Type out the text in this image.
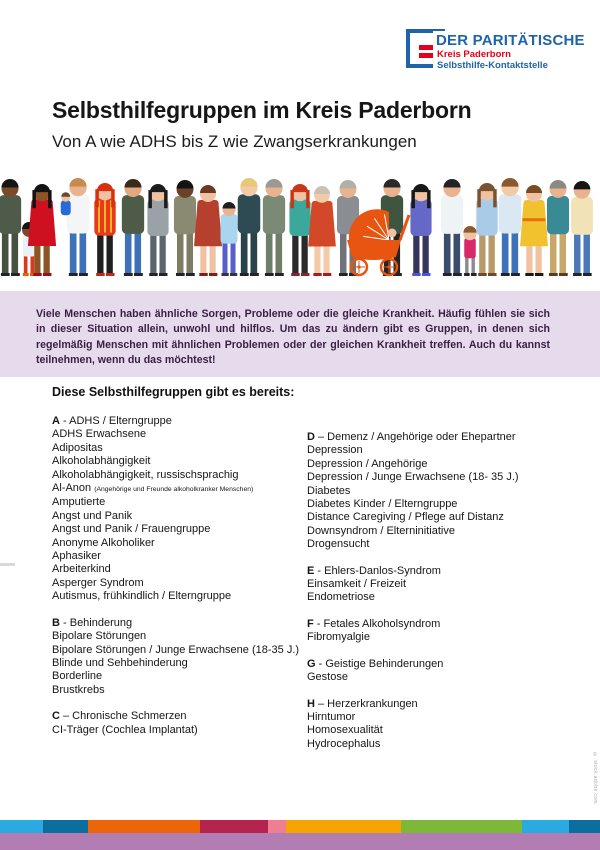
DER PARITÄTISCHE
Kreis Paderborn
Selbsthilfe-Kontaktstelle
Selbsthilfegruppen im Kreis Paderborn
Von A wie ADHS bis Z wie Zwangserkrankungen
Viele Menschen haben ähnliche Sorgen, Probleme oder die gleiche Krankheit. Häufig fühlen sie sich in dieser Situation allein, unwohl und hilflos. Um das zu ändern gibt es Gruppen, in denen sich regelmäßig Menschen mit ähnlichen Problemen oder der gleichen Krankheit treffen. Auch du kannst teilnehmen, wenn du das möchtest!
Diese Selbsthilfegruppen gibt es bereits:
A - ADHS / Elterngruppe
ADHS Erwachsene
Adipositas
Alkoholabhängigkeit
Alkoholabhängigkeit, russischsprachig
Al-Anon (Angehörige und Freunde alkoholkranker Menschen)
Amputierte
Angst und Panik
Angst und Panik / Frauengruppe
Anonyme Alkoholiker
Aphasiker
Arbeiterkind
Asperger Syndrom
Autismus, frühkindlich / Elterngruppe
B - Behinderung
Bipolare Störungen
Bipolare Störungen / Junge Erwachsene (18-35 J.)
Blinde und Sehbehinderung
Borderline
Brustkrebs
C – Chronische Schmerzen
CI-Träger (Cochlea Implantat)
D – Demenz / Angehörige oder Ehepartner
Depression
Depression / Angehörige
Depression / Junge Erwachsene (18- 35 J.)
Diabetes
Diabetes Kinder / Elterngruppe
Distance Caregiving / Pflege auf Distanz
Downsyndrom / Elterninitiative
Drogensucht
E - Ehlers-Danlos-Syndrom
Einsamkeit / Freizeit
Endometriose
F - Fetales Alkoholsyndrom
Fibromyalgie
G - Geistige Behinderungen
Gestose
H – Herzerkrankungen
Hirntumor
Homosexualität
Hydrocephalus
© stock.adobe.com
